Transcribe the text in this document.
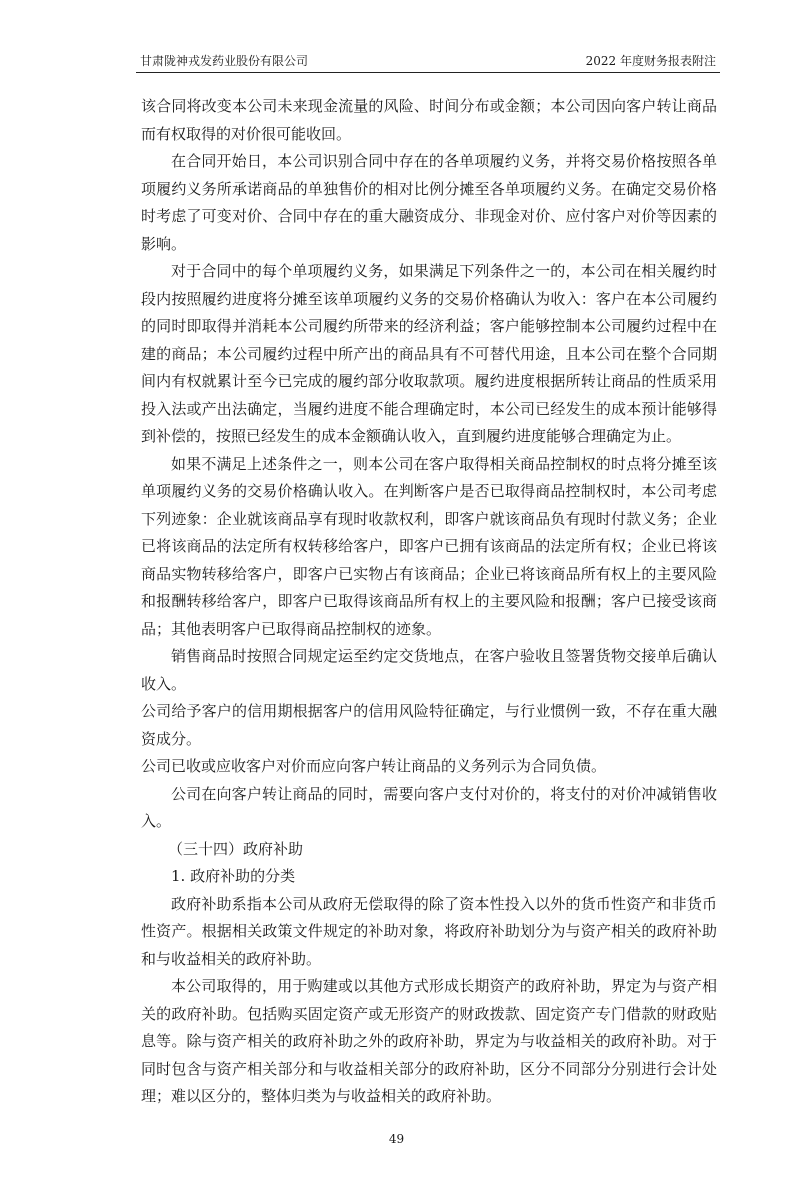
甘肃陇神戎发药业股份有限公司	2022 年度财务报表附注

该合同将改变本公司未来现金流量的风险、时间分布或金额；本公司因向客户转让商品而有权取得的对价很可能收回。

在合同开始日，本公司识别合同中存在的各单项履约义务，并将交易价格按照各单项履约义务所承诺商品的单独售价的相对比例分摊至各单项履约义务。在确定交易价格时考虑了可变对价、合同中存在的重大融资成分、非现金对价、应付客户对价等因素的影响。

对于合同中的每个单项履约义务，如果满足下列条件之一的，本公司在相关履约时段内按照履约进度将分摊至该单项履约义务的交易价格确认为收入：客户在本公司履约的同时即取得并消耗本公司履约所带来的经济利益；客户能够控制本公司履约过程中在建的商品；本公司履约过程中所产出的商品具有不可替代用途，且本公司在整个合同期间内有权就累计至今已完成的履约部分收取款项。履约进度根据所转让商品的性质采用投入法或产出法确定，当履约进度不能合理确定时，本公司已经发生的成本预计能够得到补偿的，按照已经发生的成本金额确认收入，直到履约进度能够合理确定为止。

如果不满足上述条件之一，则本公司在客户取得相关商品控制权的时点将分摊至该单项履约义务的交易价格确认收入。在判断客户是否已取得商品控制权时，本公司考虑下列迹象：企业就该商品享有现时收款权利，即客户就该商品负有现时付款义务；企业已将该商品的法定所有权转移给客户，即客户已拥有该商品的法定所有权；企业已将该商品实物转移给客户，即客户已实物占有该商品；企业已将该商品所有权上的主要风险和报酬转移给客户，即客户已取得该商品所有权上的主要风险和报酬；客户已接受该商品；其他表明客户已取得商品控制权的迹象。

销售商品时按照合同规定运至约定交货地点，在客户验收且签署货物交接单后确认收入。

公司给予客户的信用期根据客户的信用风险特征确定，与行业惯例一致，不存在重大融资成分。

公司已收或应收客户对价而应向客户转让商品的义务列示为合同负债。

公司在向客户转让商品的同时，需要向客户支付对价的，将支付的对价冲减销售收入。

（三十四）政府补助

1. 政府补助的分类

政府补助系指本公司从政府无偿取得的除了资本性投入以外的货币性资产和非货币性资产。根据相关政策文件规定的补助对象，将政府补助划分为与资产相关的政府补助和与收益相关的政府补助。

本公司取得的，用于购建或以其他方式形成长期资产的政府补助，界定为与资产相关的政府补助。包括购买固定资产或无形资产的财政拨款、固定资产专门借款的财政贴息等。除与资产相关的政府补助之外的政府补助，界定为与收益相关的政府补助。对于同时包含与资产相关部分和与收益相关部分的政府补助，区分不同部分分别进行会计处理；难以区分的，整体归类为与收益相关的政府补助。

49
